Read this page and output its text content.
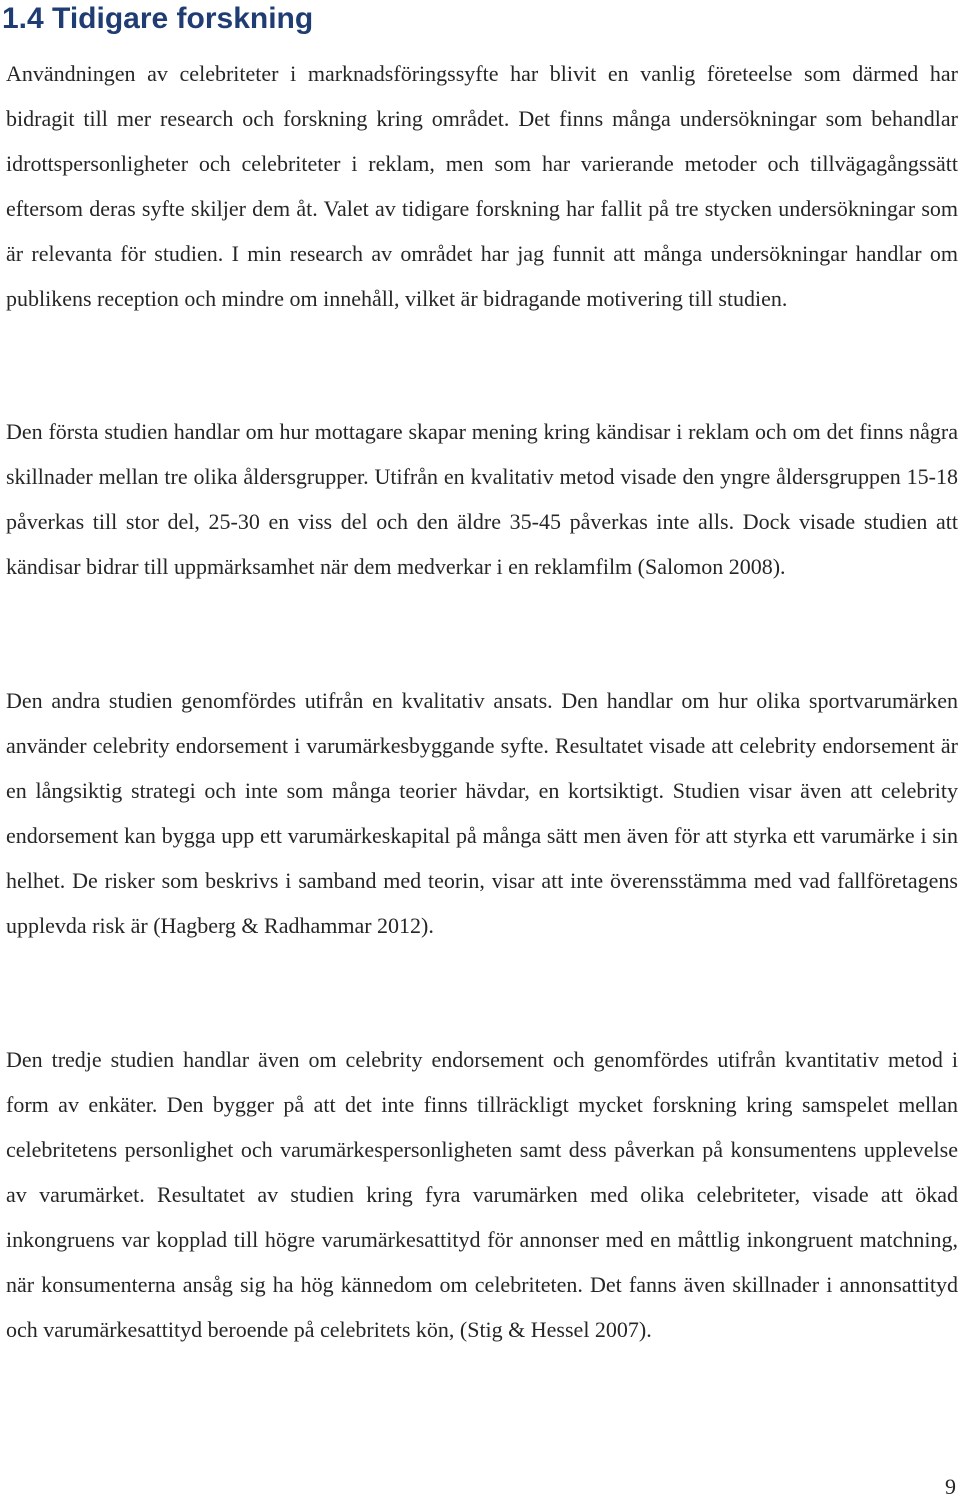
1.4 Tidigare forskning

Användningen av celebriteter i marknadsföringssyfte har blivit en vanlig företeelse som därmed har bidragit till mer research och forskning kring området. Det finns många undersökningar som behandlar idrottspersonligheter och celebriteter i reklam, men som har varierande metoder och tillvägagångssätt eftersom deras syfte skiljer dem åt. Valet av tidigare forskning har fallit på tre stycken undersökningar som är relevanta för studien. I min research av området har jag funnit att många undersökningar handlar om publikens reception och mindre om innehåll, vilket är bidragande motivering till studien.

Den första studien handlar om hur mottagare skapar mening kring kändisar i reklam och om det finns några skillnader mellan tre olika åldersgrupper. Utifrån en kvalitativ metod visade den yngre åldersgruppen 15-18 påverkas till stor del, 25-30 en viss del och den äldre 35-45 påverkas inte alls. Dock visade studien att kändisar bidrar till uppmärksamhet när dem medverkar i en reklamfilm (Salomon 2008).

Den andra studien genomfördes utifrån en kvalitativ ansats. Den handlar om hur olika sportvarumärken använder celebrity endorsement i varumärkesbyggande syfte. Resultatet visade att celebrity endorsement är en långsiktig strategi och inte som många teorier hävdar, en kortsiktigt. Studien visar även att celebrity endorsement kan bygga upp ett varumärkeskapital på många sätt men även för att styrka ett varumärke i sin helhet. De risker som beskrivs i samband med teorin, visar att inte överensstämma med vad fallföretagens upplevda risk är (Hagberg & Radhammar 2012).

Den tredje studien handlar även om celebrity endorsement och genomfördes utifrån kvantitativ metod i form av enkäter. Den bygger på att det inte finns tillräckligt mycket forskning kring samspelet mellan celebritetens personlighet och varumärkespersonligheten samt dess påverkan på konsumentens upplevelse av varumärket. Resultatet av studien kring fyra varumärken med olika celebriteter, visade att ökad inkongruens var kopplad till högre varumärkesattityd för annonser med en måttlig inkongruent matchning, när konsumenterna ansåg sig ha hög kännedom om celebriteten. Det fanns även skillnader i annonsattityd och varumärkesattityd beroende på celebritets kön, (Stig & Hessel 2007).

9
